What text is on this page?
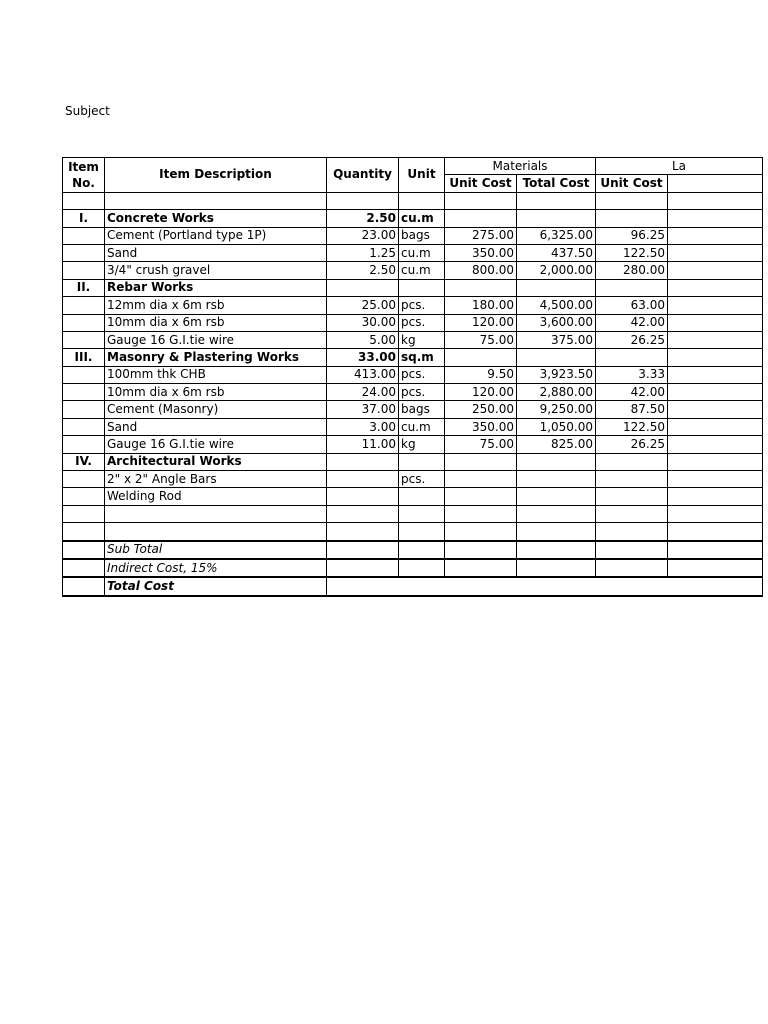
Subject
Item
No.	Item Description	Quantity	Unit	Materials		La	
				Unit Cost	Total Cost	Unit Cost	

I.	Concrete Works	2.50	cu.m				
	Cement (Portland type 1P)	23.00	bags	275.00	6,325.00	96.25	
	Sand	1.25	cu.m	350.00	437.50	122.50	
	3/4" crush gravel	2.50	cu.m	800.00	2,000.00	280.00	
II.	Rebar Works						
	12mm dia x 6m rsb	25.00	pcs.	180.00	4,500.00	63.00	
	10mm dia x 6m rsb	30.00	pcs.	120.00	3,600.00	42.00	
	Gauge 16 G.I.tie wire	5.00	kg	75.00	375.00	26.25	
III.	Masonry & Plastering Works	33.00	sq.m				
	100mm thk CHB	413.00	pcs.	9.50	3,923.50	3.33	
	10mm dia x 6m rsb	24.00	pcs.	120.00	2,880.00	42.00	
	Cement (Masonry)	37.00	bags	250.00	9,250.00	87.50	
	Sand	3.00	cu.m	350.00	1,050.00	122.50	
	Gauge 16 G.I.tie wire	11.00	kg	75.00	825.00	26.25	
IV.	Architectural Works						
	2" x 2" Angle Bars		pcs.				
	Welding Rod						

	Sub Total						
	Indirect Cost, 15%						
	Total Cost						
